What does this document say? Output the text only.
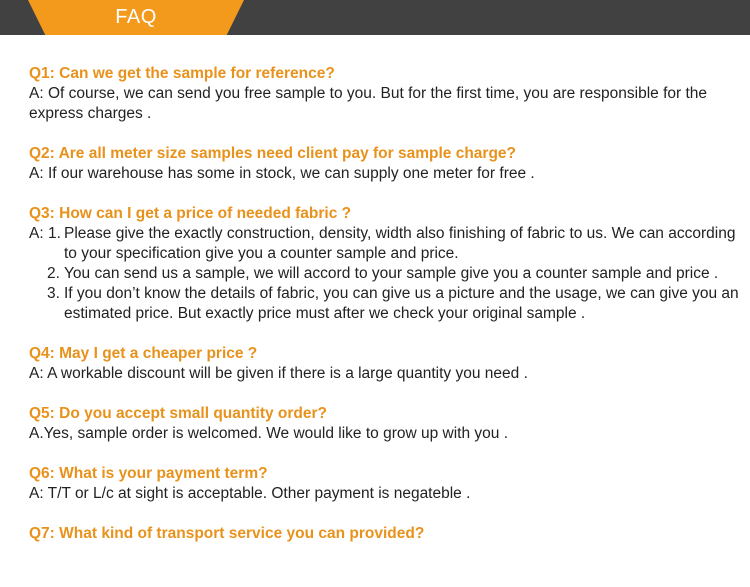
FAQ
Q1: Can we get the sample for reference?
A: Of course, we can send you free sample to you. But for the first time, you are responsible for the express charges .
Q2: Are all meter size samples need client pay for sample charge?
A: If our warehouse has some in stock, we can supply one meter for free .
Q3: How can I get a price of needed fabric ?
A: 1. Please give the exactly construction, density, width also finishing of fabric to us. We can according to your specification give you a counter sample and price.
2. You can send us a sample, we will accord to your sample give you a counter sample and price .
3. If you don’t know the details of fabric, you can give us a picture and the usage, we can give you an estimated price. But exactly price must after we check your original sample .
Q4: May I get a cheaper price ?
A: A workable discount will be given if there is a large quantity you need .
Q5: Do you accept small quantity order?
A.Yes, sample order is welcomed. We would like to grow up with you .
Q6: What is your payment term?
A: T/T or L/c at sight is acceptable. Other payment is negateble .
Q7: What kind of transport service you can provided?
